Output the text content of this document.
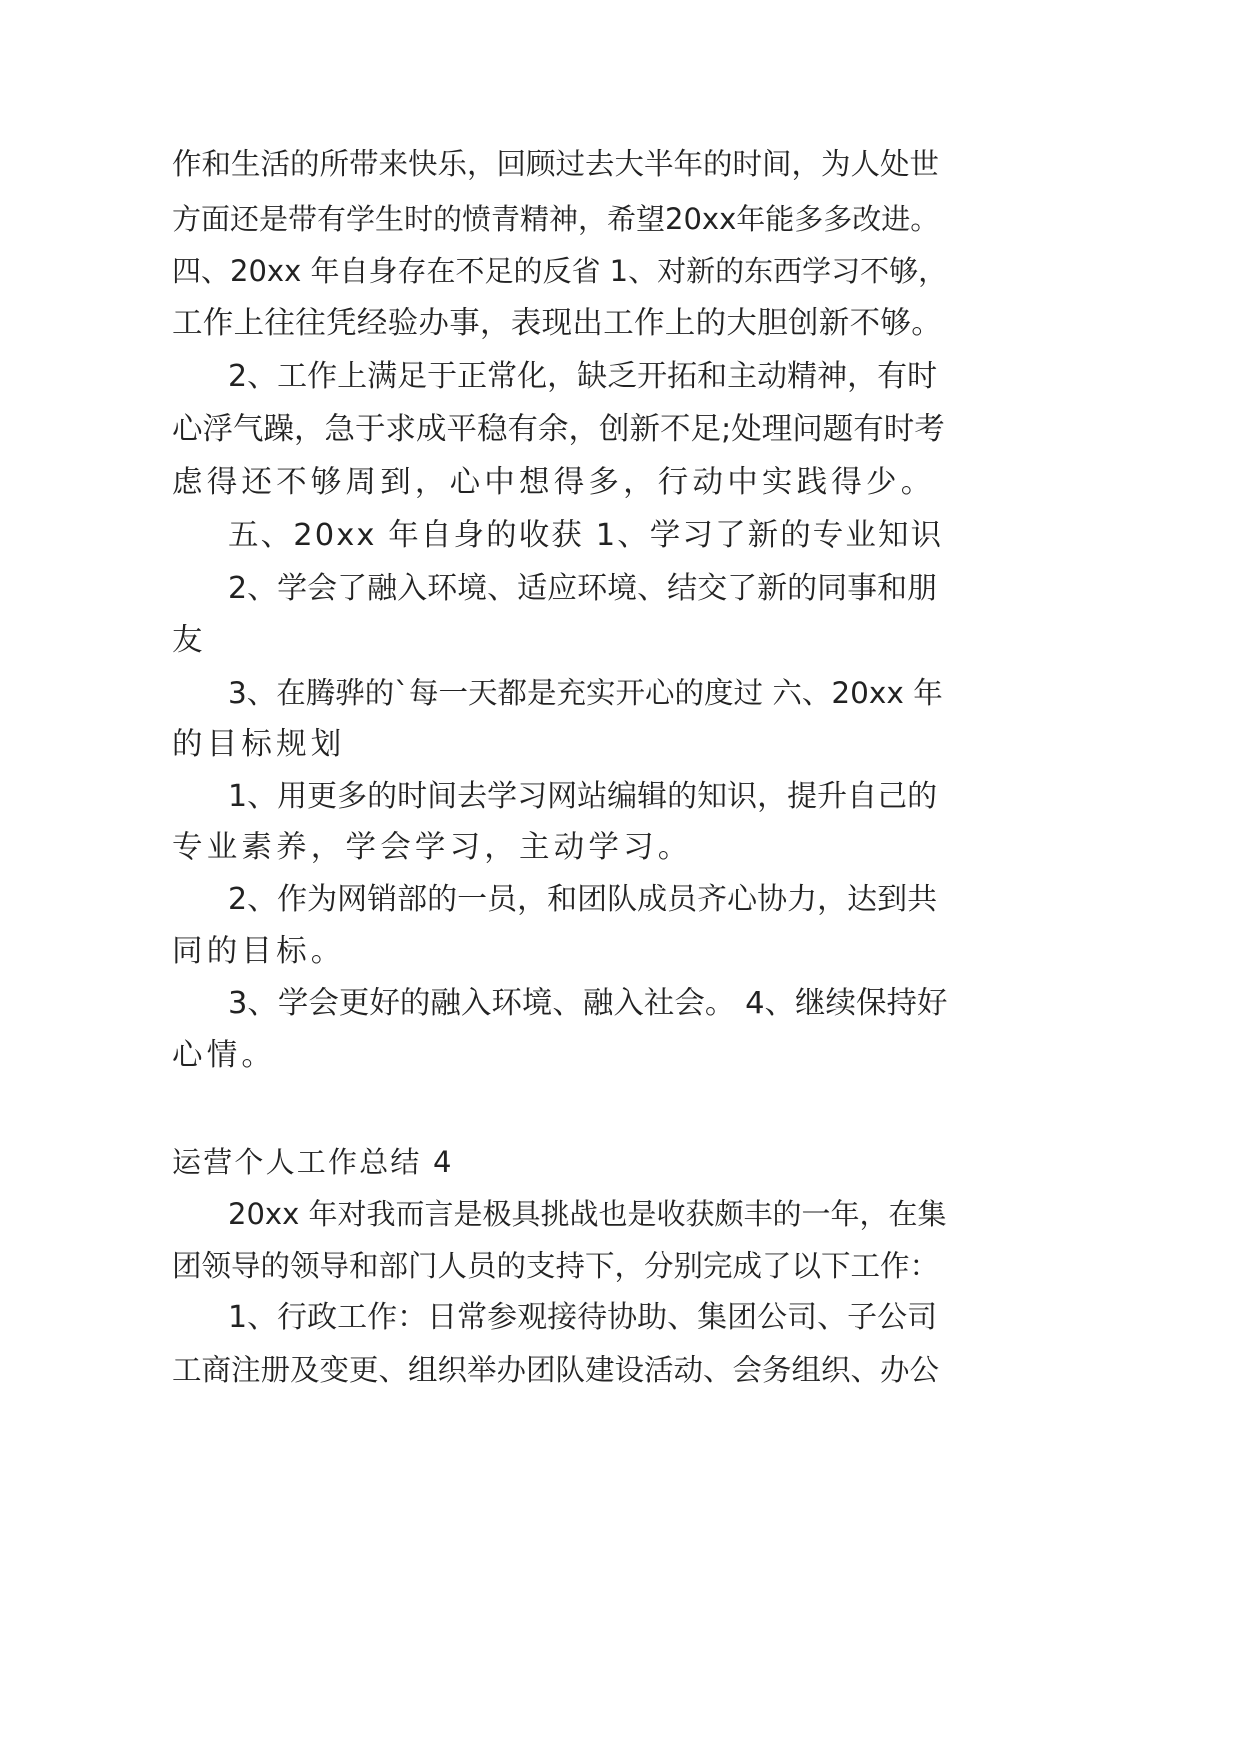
作和生活的所带来快乐，回顾过去大半年的时间，为人处世
方面还是带有学生时的愤青精神，希望20xx年能多多改进。
四、20xx 年自身存在不足的反省 1、对新的东西学习不够，
工作上往往凭经验办事，表现出工作上的大胆创新不够。
2、工作上满足于正常化，缺乏开拓和主动精神，有时
心浮气躁，急于求成平稳有余，创新不足;处理问题有时考
虑得还不够周到，心中想得多，行动中实践得少。
五、20xx 年自身的收获 1、学习了新的专业知识
2、学会了融入环境、适应环境、结交了新的同事和朋
友
3、在腾骅的`每一天都是充实开心的度过 六、20xx 年
的目标规划
1、用更多的时间去学习网站编辑的知识，提升自己的
专业素养，学会学习，主动学习。
2、作为网销部的一员，和团队成员齐心协力，达到共
同的目标。
3、学会更好的融入环境、融入社会。 4、继续保持好
心情。
运营个人工作总结 4
20xx 年对我而言是极具挑战也是收获颇丰的一年，在集
团领导的领导和部门人员的支持下，分别完成了以下工作：
1、行政工作：日常参观接待协助、集团公司、子公司
工商注册及变更、组织举办团队建设活动、会务组织、办公
